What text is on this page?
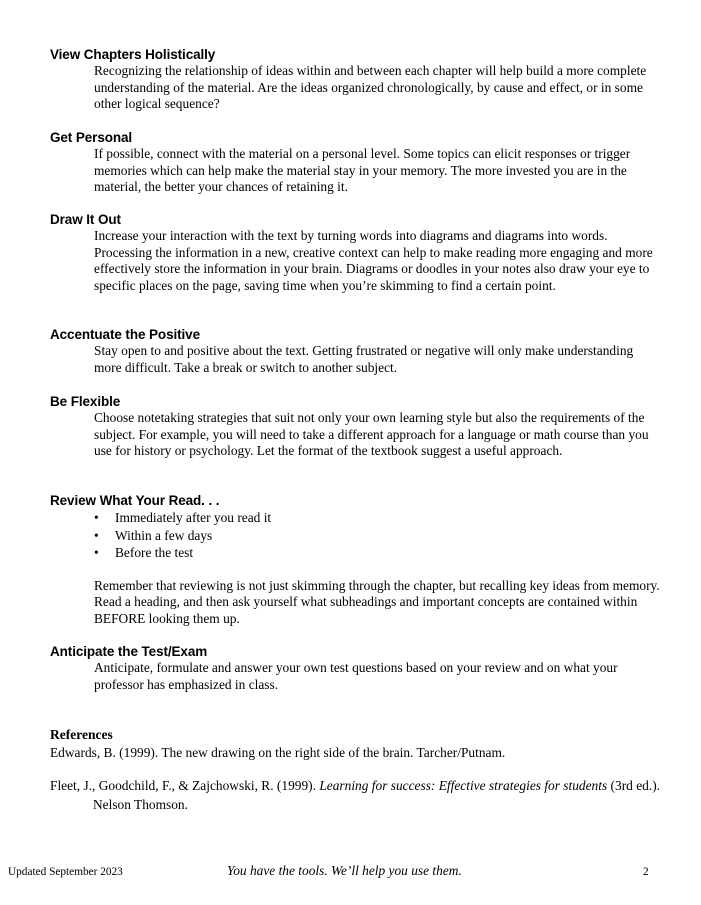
View Chapters Holistically
Recognizing the relationship of ideas within and between each chapter will help build a more complete understanding of the material. Are the ideas organized chronologically, by cause and effect, or in some other logical sequence?
Get Personal
If possible, connect with the material on a personal level. Some topics can elicit responses or trigger memories which can help make the material stay in your memory. The more invested you are in the material, the better your chances of retaining it.
Draw It Out
Increase your interaction with the text by turning words into diagrams and diagrams into words. Processing the information in a new, creative context can help to make reading more engaging and more effectively store the information in your brain. Diagrams or doodles in your notes also draw your eye to specific places on the page, saving time when you’re skimming to find a certain point.
Accentuate the Positive
Stay open to and positive about the text. Getting frustrated or negative will only make understanding more difficult. Take a break or switch to another subject.
Be Flexible
Choose notetaking strategies that suit not only your own learning style but also the requirements of the subject. For example, you will need to take a different approach for a language or math course than you use for history or psychology. Let the format of the textbook suggest a useful approach.
Review What Your Read. . .
• Immediately after you read it
• Within a few days
• Before the test
Remember that reviewing is not just skimming through the chapter, but recalling key ideas from memory. Read a heading, and then ask yourself what subheadings and important concepts are contained within BEFORE looking them up.
Anticipate the Test/Exam
Anticipate, formulate and answer your own test questions based on your review and on what your professor has emphasized in class.
References
Edwards, B. (1999). The new drawing on the right side of the brain. Tarcher/Putnam.
Fleet, J., Goodchild, F., & Zajchowski, R. (1999). Learning for success: Effective strategies for students (3rd ed.). Nelson Thomson.
Updated September 2023	You have the tools. We’ll help you use them.	2
